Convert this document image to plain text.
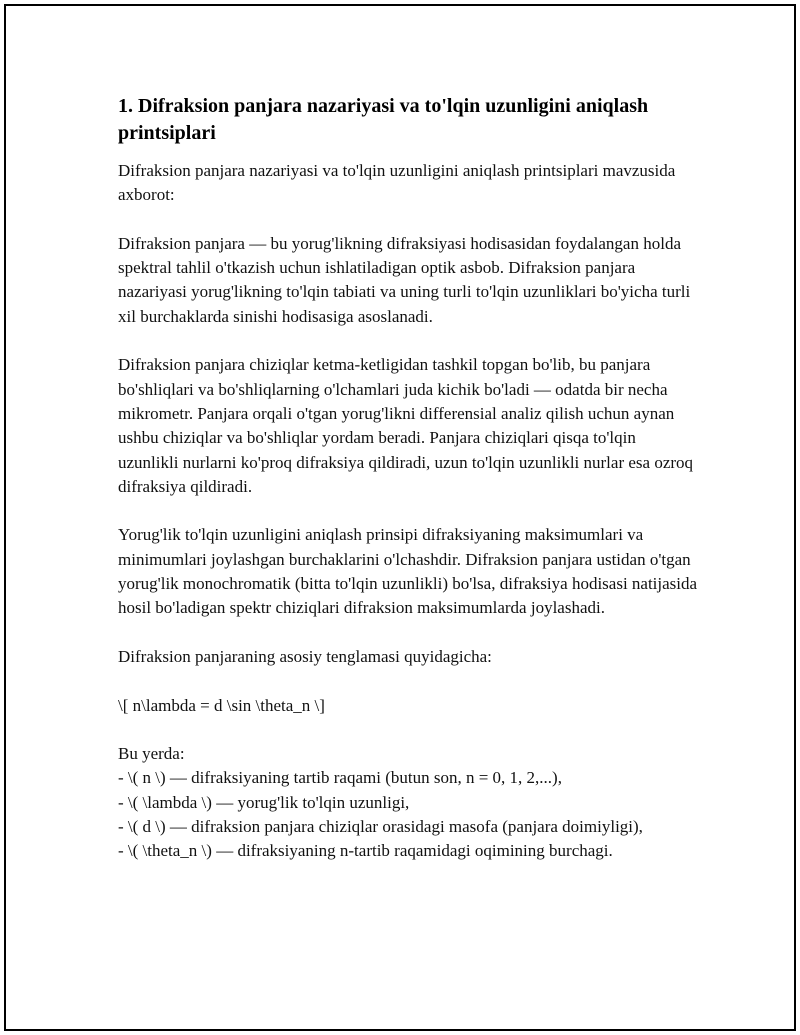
1. Difraksion panjara nazariyasi va to'lqin uzunligini aniqlash printsiplari

Difraksion panjara nazariyasi va to'lqin uzunligini aniqlash printsiplari mavzusida axborot:

Difraksion panjara — bu yorug'likning difraksiyasi hodisasidan foydalangan holda spektral tahlil o'tkazish uchun ishlatiladigan optik asbob. Difraksion panjara nazariyasi yorug'likning to'lqin tabiati va uning turli to'lqin uzunliklari bo'yicha turli xil burchaklarda sinishi hodisasiga asoslanadi.

Difraksion panjara chiziqlar ketma-ketligidan tashkil topgan bo'lib, bu panjara bo'shliqlari va bo'shliqlarning o'lchamlari juda kichik bo'ladi — odatda bir necha mikrometr. Panjara orqali o'tgan yorug'likni differensial analiz qilish uchun aynan ushbu chiziqlar va bo'shliqlar yordam beradi. Panjara chiziqlari qisqa to'lqin uzunlikli nurlarni ko'proq difraksiya qildiradi, uzun to'lqin uzunlikli nurlar esa ozroq difraksiya qildiradi.

Yorug'lik to'lqin uzunligini aniqlash prinsipi difraksiyaning maksimumlari va minimumlari joylashgan burchaklarini o'lchashdir. Difraksion panjara ustidan o'tgan yorug'lik monochromatik (bitta to'lqin uzunlikli) bo'lsa, difraksiya hodisasi natijasida hosil bo'ladigan spektr chiziqlari difraksion maksimumlarda joylashadi.

Difraksion panjaraning asosiy tenglamasi quyidagicha:

\[ n\lambda = d \sin \theta_n \]

Bu yerda:
- \( n \) — difraksiyaning tartib raqami (butun son, n = 0, 1, 2,...),
- \( \lambda \) — yorug'lik to'lqin uzunligi,
- \( d \) — difraksion panjara chiziqlar orasidagi masofa (panjara doimiyligi),
- \( \theta_n \) — difraksiyaning n-tartib raqamidagi oqimining burchagi.
